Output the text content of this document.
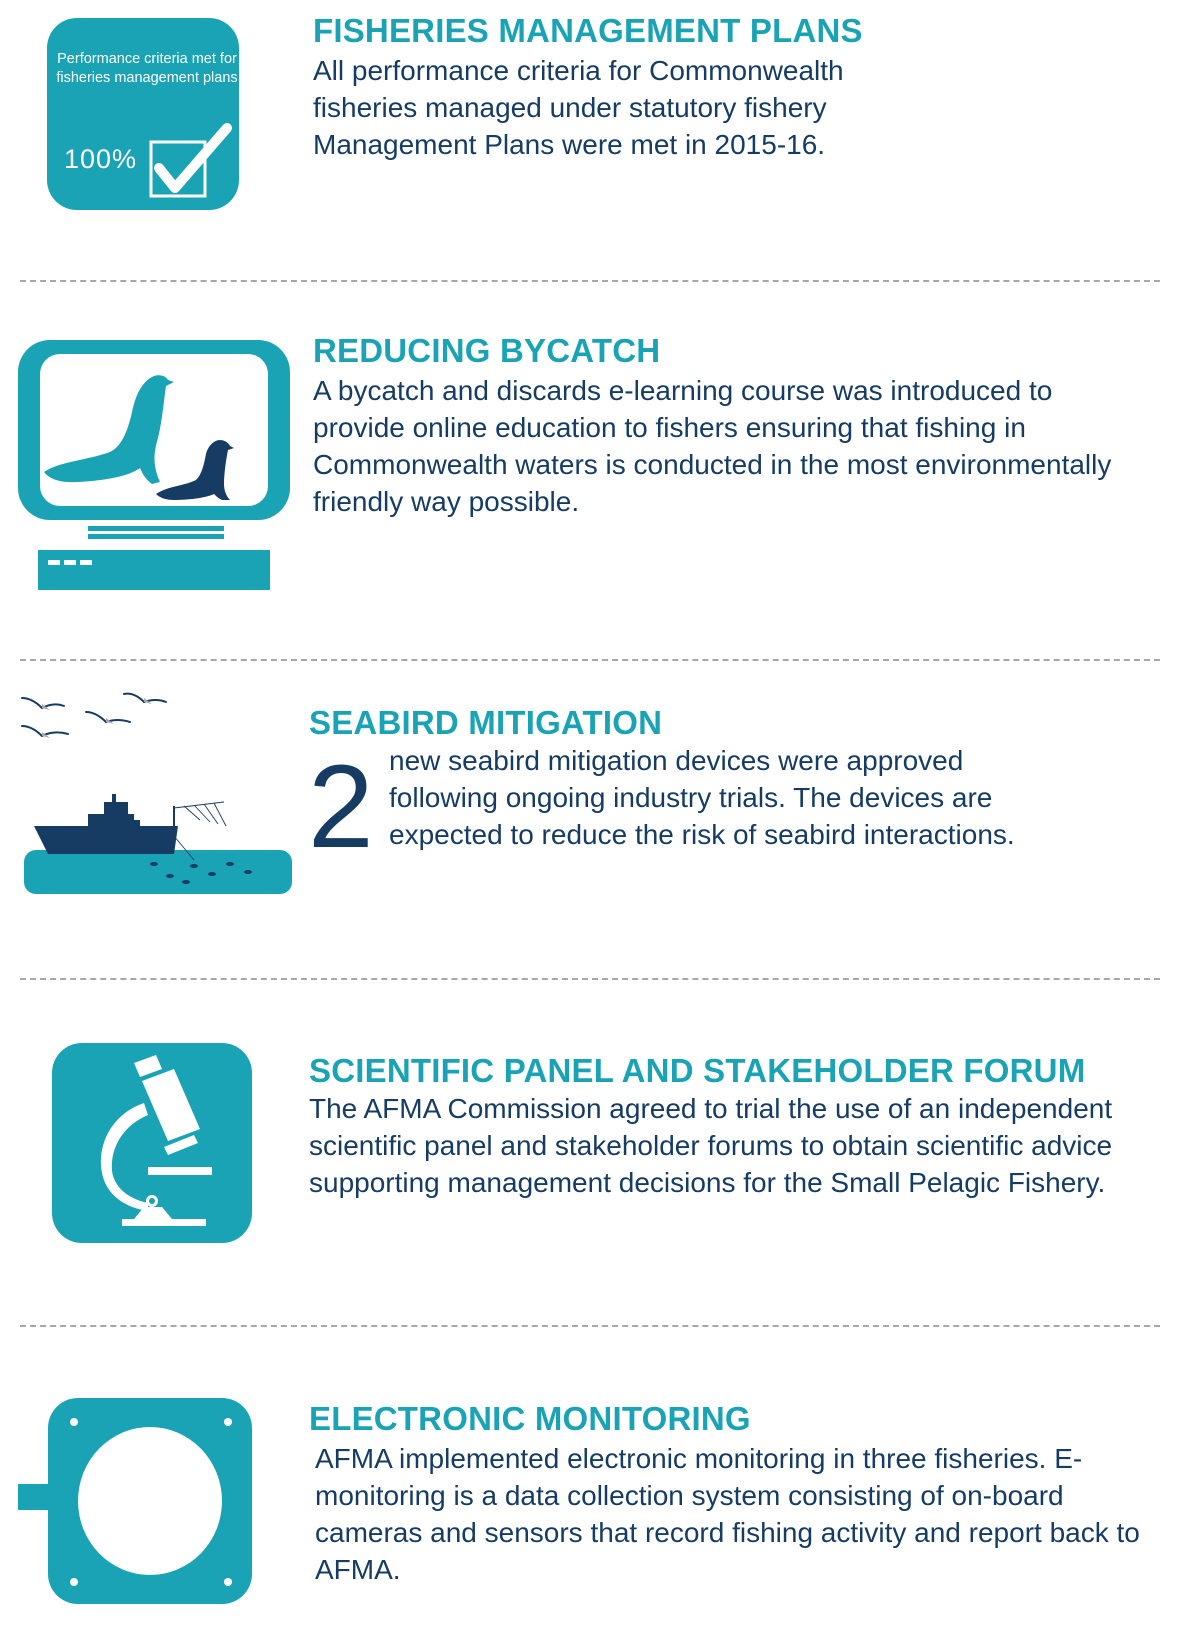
Performance criteria met for fisheries management plans
100%
FISHERIES MANAGEMENT PLANS

All performance criteria for Commonwealth fisheries managed under statutory fishery Management Plans were met in 2015-16.

REDUCING BYCATCH

A bycatch and discards e-learning course was introduced to provide online education to fishers ensuring that fishing in Commonwealth waters is conducted in the most environmentally friendly way possible.

SEABIRD MITIGATION
2 new seabird mitigation devices were approved following ongoing industry trials. The devices are expected to reduce the risk of seabird interactions.

SCIENTIFIC PANEL AND STAKEHOLDER FORUM

The AFMA Commission agreed to trial the use of an independent scientific panel and stakeholder forums to obtain scientific advice supporting management decisions for the Small Pelagic Fishery.

ELECTRONIC MONITORING

AFMA implemented electronic monitoring in three fisheries. E-monitoring is a data collection system consisting of on-board cameras and sensors that record fishing activity and report back to AFMA.
